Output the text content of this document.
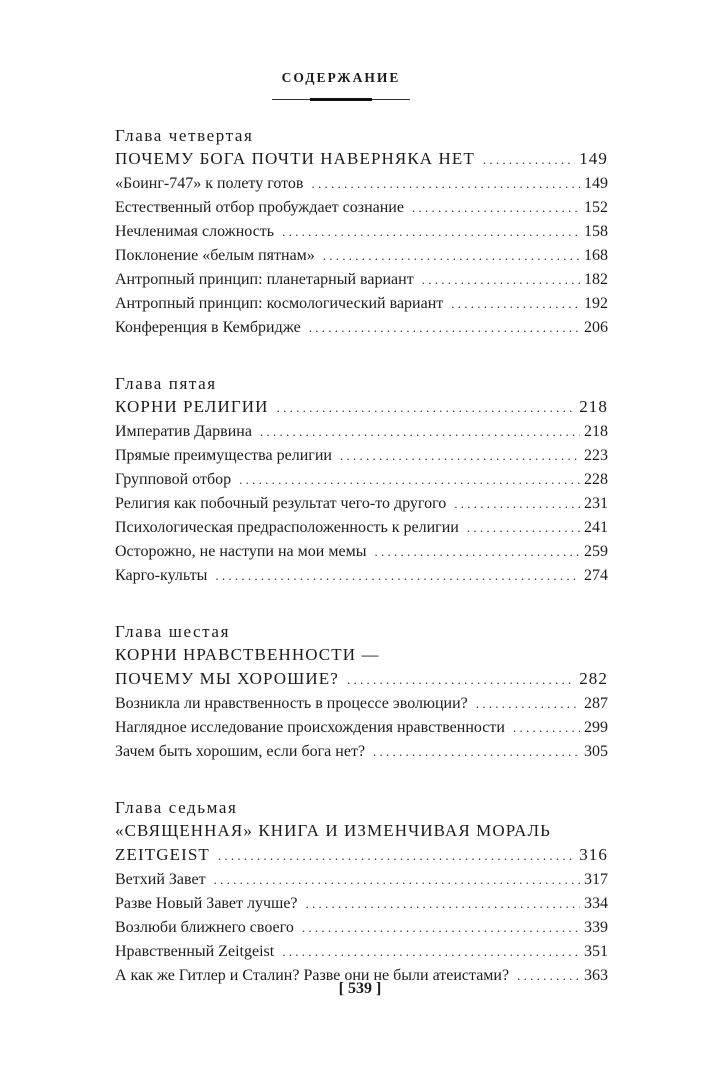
СОДЕРЖАНИЕ
Глава четвертая
ПОЧЕМУ БОГА ПОЧТИ НАВЕРНЯКА НЕТ . . .	149
«Боинг-747» к полету готов . . .	149
Естественный отбор пробуждает сознание . . .	152
Нечленимая сложность . . .	158
Поклонение «белым пятнам» . . .	168
Антропный принцип: планетарный вариант . . .	182
Антропный принцип: космологический вариант . . .	192
Конференция в Кембридже . . .	206
Глава пятая
КОРНИ РЕЛИГИИ . . .	218
Императив Дарвина . . .	218
Прямые преимущества религии . . .	223
Групповой отбор . . .	228
Религия как побочный результат чего-то другого . . .	231
Психологическая предрасположенность к религии . . .	241
Осторожно, не наступи на мои мемы . . .	259
Карго-культы . . .	274
Глава шестая
КОРНИ НРАВСТВЕННОСТИ —
ПОЧЕМУ МЫ ХОРОШИЕ? . . .	282
Возникла ли нравственность в процессе эволюции? . . .	287
Наглядное исследование происхождения нравственности . . .	299
Зачем быть хорошим, если бога нет? . . .	305
Глава седьмая
«СВЯЩЕННАЯ» КНИГА И ИЗМЕНЧИВАЯ МОРАЛЬ
ZEITGEIST . . .	316
Ветхий Завет . . .	317
Разве Новый Завет лучше? . . .	334
Возлюби ближнего своего . . .	339
Нравственный Zeitgeist . . .	351
А как же Гитлер и Сталин? Разве они не были атеистами? . . .	363
[ 539 ]
